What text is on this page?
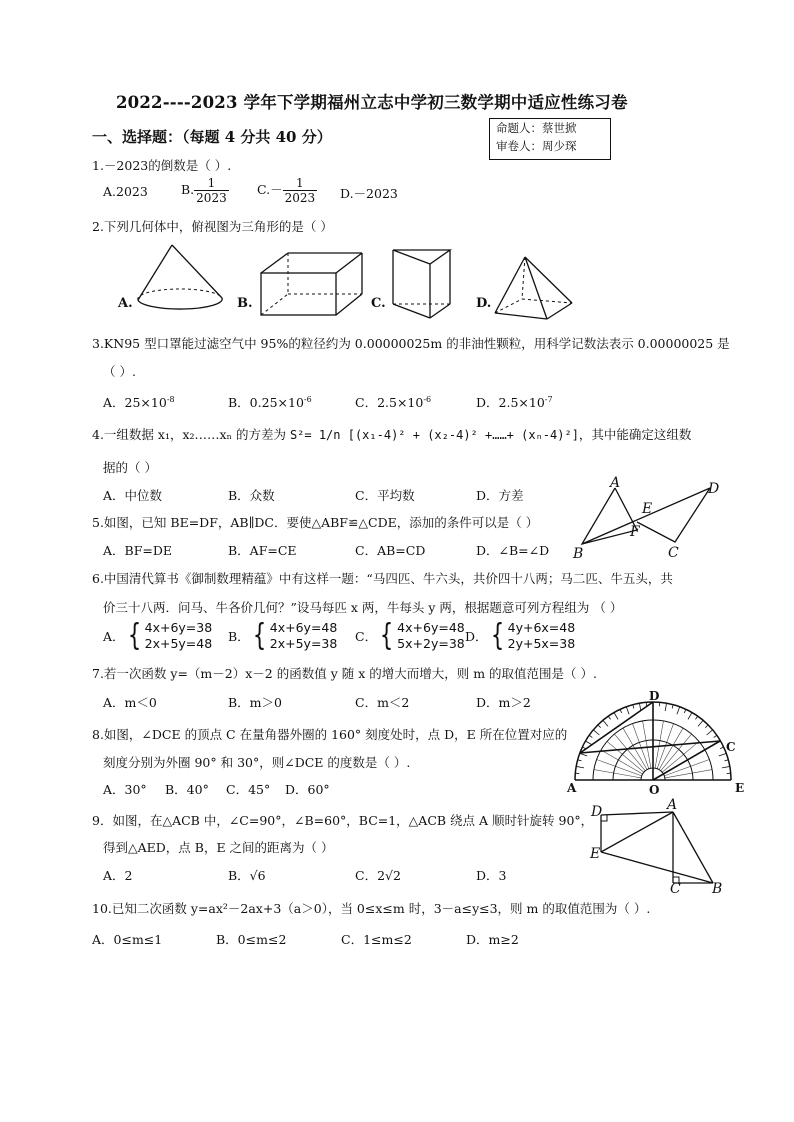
2022----2023 学年下学期福州立志中学初三数学期中适应性练习卷
一、选择题：（每题 4 分共 40 分）	命题人：蔡世掀
审卷人：周少琛
1.－2023的倒数是（ ）.
A.2023	B. $\frac{1}{2023} C.- \frac{1}{2023} D.-2023$
2.下列几何体中，俯视图为三角形的是（ ）
A.	B.	C.	D.
3.KN95 型口罩能过滤空气中 95%的粒径约为 0.00000025m 的非油性颗粒，用科学记数法表示 0.00000025 是
（ ）.
A．$25\times 10^{-8}$	B．$0.25\times 10^{-6}$	C．$2.5\times 10^{-6}$	D．$2.5\times 10^{-7}$
4.一组数据 x₁，x₂……xₙ 的方差为 S²= 1/n [(x₁-4)² + (x₂-4)² +……+ (xₙ-4)²]，其中能确定这组数
据的（ ）
A．中位数	B．众数	C．平均数	D．方差
A	D
E
F
B	C
5.如图，已知 BE=DF，AB∥DC．要使△ABF≌△CDE，添加的条件可以是（ ）
A．BF=DE	B．AF=CE	C．AB=CD	D．∠B=∠D
6.中国清代算书《御制数理精蕴》中有这样一题：“马四匹、牛六头，共价四十八两；马二匹、牛五头，共
价三十八两．问马、牛各价几何？”设马每匹 x 两，牛每头 y 两，根据题意可列方程组为 （ ）
A． { 4x+6y=38
2x+5y=48 B． { 4x+6y=48
2x+5y=38 C． { 4x+6y=48
5x+2y=38 D． { 4y+6x=48
2y+5x=38
7.若一次函数 y=（m－2）x－2 的函数值 y 随 x 的增大而增大，则 m 的取值范围是（ ）.
A．m＜0	B．m＞0	C．m＜2	D．m＞2	D
C
A	O	E
8.如图，∠DCE 的顶点 C 在量角器外圈的 160° 刻度处时，点 D，E 所在位置对应的
刻度分别为外圈 90° 和 30°，则∠DCE 的度数是（ ）.
A．30° B．40° C．45° D．60°
D	A
E
C B
9．如图，在△ACB 中，∠C=90°，∠B=60°，BC=1，△ACB 绕点 A 顺时针旋转 90°，
得到△AED，点 B，E 之间的距离为（ ）
A．2	B．√6	C．2√2	D．3
10.已知二次函数 y=ax²－2ax+3（a＞0），当 0≤x≤m 时，3－a≤y≤3，则 m 的取值范围为（ ）.
A．0≤m≤1	B．0≤m≤2	C．1≤m≤2	D．m≥2
